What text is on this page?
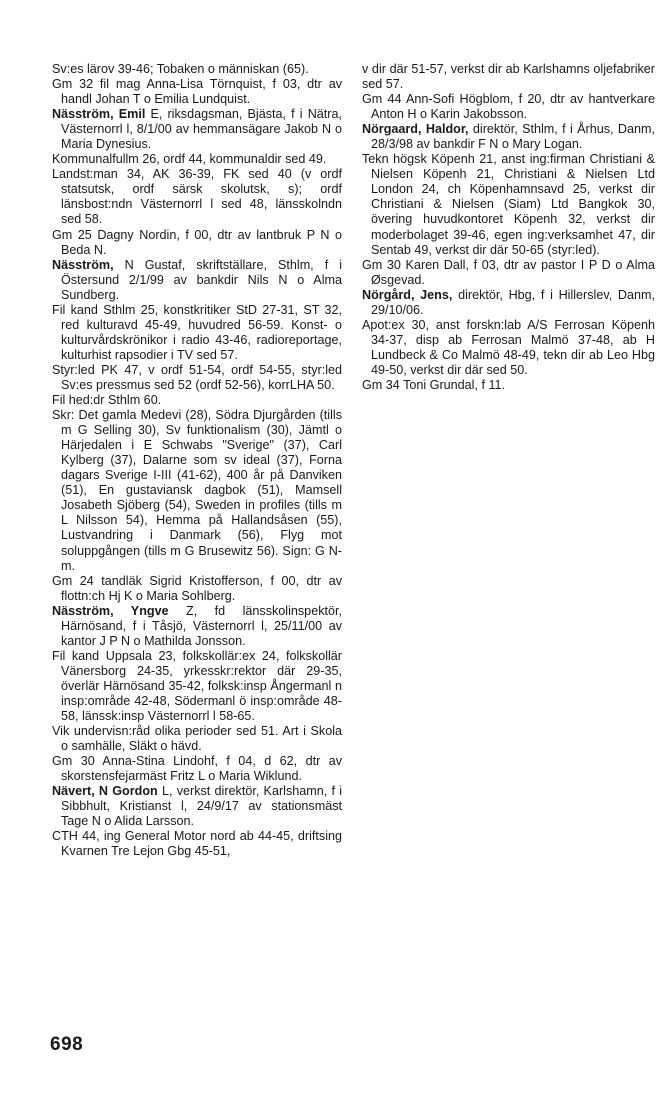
Sv:es lärov 39-46; Tobaken o människan (65).

Gm 32 fil mag Anna-Lisa Törnquist, f 03, dtr av handl Johan T o Emilia Lundquist.

Näsström, Emil E, riksdagsman, Bjästa, f i Nätra, Västernorrl l, 8/1/00 av hemmansägare Jakob N o Maria Dynesius.

Kommunalfullm 26, ordf 44, kommunaldir sed 49.

Landst:man 34, AK 36-39, FK sed 40 (v ordf statsutsk, ordf särsk skolutsk, s); ordf länsbost:ndn Västernorrl l sed 48, länsskolndn sed 58.

Gm 25 Dagny Nordin, f 00, dtr av lantbruk P N o Beda N.

Näsström, N Gustaf, skriftställare, Sthlm, f i Östersund 2/1/99 av bankdir Nils N o Alma Sundberg.

Fil kand Sthlm 25, konstkritiker StD 27-31, ST 32, red kulturavd 45-49, huvudred 56-59. Konst- o kulturvårdskrönikor i radio 43-46, radioreportage, kulturhist rapsodier i TV sed 57.

Styr:led PK 47, v ordf 51-54, ordf 54-55, styr:led Sv:es pressmus sed 52 (ordf 52-56), korrLHA 50.

Fil hed:dr Sthlm 60.

Skr: Det gamla Medevi (28), Södra Djurgården (tills m G Selling 30), Sv funktionalism (30), Jämtl o Härjedalen i E Schwabs "Sverige" (37), Carl Kylberg (37), Dalarne som sv ideal (37), Forna dagars Sverige I-III (41-62), 400 år på Danviken (51), En gustaviansk dagbok (51), Mamsell Josabeth Sjöberg (54), Sweden in profiles (tills m L Nilsson 54), Hemma på Hallandsåsen (55), Lustvandring i Danmark (56), Flyg mot soluppgången (tills m G Brusewitz 56). Sign: G N-m.

Gm 24 tandläk Sigrid Kristofferson, f 00, dtr av flottn:ch Hj K o Maria Sohlberg.

Näsström, Yngve Z, fd länsskolinspektör, Härnösand, f i Tåsjö, Västernorrl l, 25/11/00 av kantor J P N o Mathilda Jonsson.

Fil kand Uppsala 23, folkskollär:ex 24, folkskollär Vänersborg 24-35, yrkesskr:rektor där 29-35, överlär Härnösand 35-42, folksk:insp Ångermanl n insp:område 42-48, Södermanl ö insp:område 48-58, länssk:insp Västernorrl l 58-65.

Vik undervisn:råd olika perioder sed 51. Art i Skola o samhälle, Släkt o hävd.

Gm 30 Anna-Stina Lindohf, f 04, d 62, dtr av skorstensfejarmäst Fritz L o Maria Wiklund.

Nävert, N Gordon L, verkst direktör, Karlshamn, f i Sibbhult, Kristianst l, 24/9/17 av stationsmäst Tage N o Alida Larsson.

CTH 44, ing General Motor nord ab 44-45, driftsing Kvarnen Tre Lejon Gbg 45-51,

v dir där 51-57, verkst dir ab Karlshamns oljefabriker sed 57.

Gm 44 Ann-Sofi Högblom, f 20, dtr av hantverkare Anton H o Karin Jakobsson.

Nörgaard, Haldor, direktör, Sthlm, f i Århus, Danm, 28/3/98 av bankdir F N o Mary Logan.

Tekn högsk Köpenh 21, anst ing:firman Christiani & Nielsen Köpenh 21, Christiani & Nielsen Ltd London 24, ch Köpenhamnsavd 25, verkst dir Christiani & Nielsen (Siam) Ltd Bangkok 30, övering huvudkontoret Köpenh 32, verkst dir moderbolaget 39-46, egen ing:verksamhet 47, dir Sentab 49, verkst dir där 50-65 (styr:led).

Gm 30 Karen Dall, f 03, dtr av pastor I P D o Alma Øsgevad.

Nörgård, Jens, direktör, Hbg, f i Hillerslev, Danm, 29/10/06.

Apot:ex 30, anst forskn:lab A/S Ferrosan Köpenh 34-37, disp ab Ferrosan Malmö 37-48, ab H Lundbeck & Co Malmö 48-49, tekn dir ab Leo Hbg 49-50, verkst dir där sed 50.

Gm 34 Toni Grundal, f 11.

698
